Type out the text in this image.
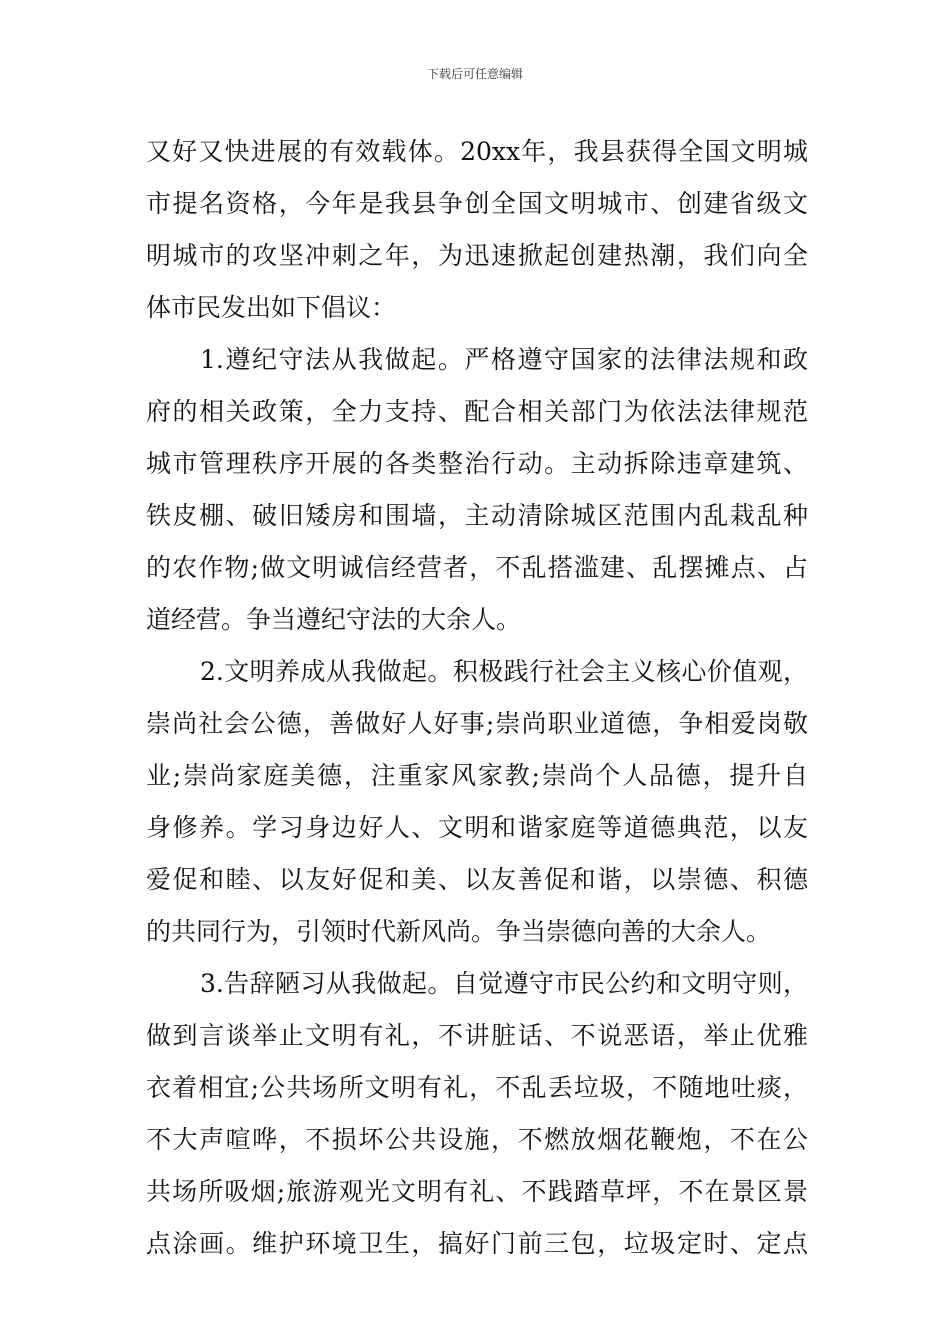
下载后可任意编辑
又好又快进展的有效载体。20xx年，我县获得全国文明城
市提名资格，今年是我县争创全国文明城市、创建省级文
明城市的攻坚冲刺之年，为迅速掀起创建热潮，我们向全
体市民发出如下倡议：
1.遵纪守法从我做起。严格遵守国家的法律法规和政
府的相关政策，全力支持、配合相关部门为依法法律规范
城市管理秩序开展的各类整治行动。主动拆除违章建筑、
铁皮棚、破旧矮房和围墙，主动清除城区范围内乱栽乱种
的农作物;做文明诚信经营者，不乱搭滥建、乱摆摊点、占
道经营。争当遵纪守法的大余人。
2.文明养成从我做起。积极践行社会主义核心价值观，
崇尚社会公德，善做好人好事;崇尚职业道德，争相爱岗敬
业;崇尚家庭美德，注重家风家教;崇尚个人品德，提升自
身修养。学习身边好人、文明和谐家庭等道德典范，以友
爱促和睦、以友好促和美、以友善促和谐，以崇德、积德
的共同行为，引领时代新风尚。争当崇德向善的大余人。
3.告辞陋习从我做起。自觉遵守市民公约和文明守则，
做到言谈举止文明有礼，不讲脏话、不说恶语，举止优雅
衣着相宜;公共场所文明有礼，不乱丢垃圾，不随地吐痰，
不大声喧哗，不损坏公共设施，不燃放烟花鞭炮，不在公
共场所吸烟;旅游观光文明有礼、不践踏草坪，不在景区景
点涂画。维护环境卫生，搞好门前三包，垃圾定时、定点
